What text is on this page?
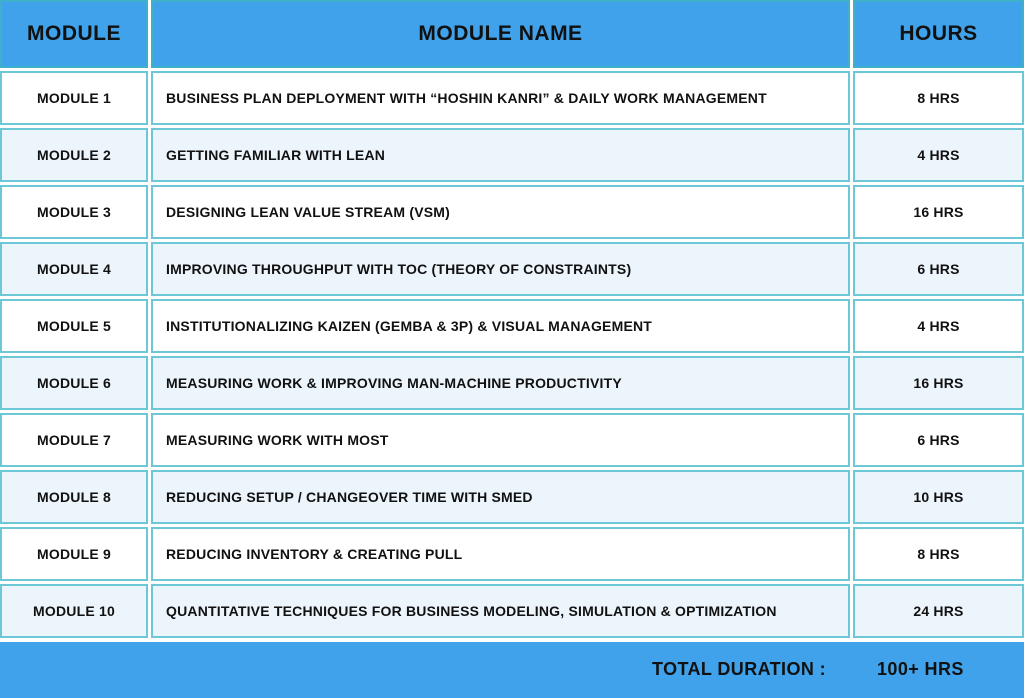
MODULE	MODULE NAME	HOURS
MODULE 1	BUSINESS PLAN DEPLOYMENT WITH “HOSHIN KANRI” & DAILY WORK MANAGEMENT	8 HRS
MODULE 2	GETTING FAMILIAR WITH LEAN	4 HRS
MODULE 3	DESIGNING LEAN VALUE STREAM (VSM)	16 HRS
MODULE 4	IMPROVING THROUGHPUT WITH TOC (THEORY OF CONSTRAINTS)	6 HRS
MODULE 5	INSTITUTIONALIZING KAIZEN (GEMBA & 3P) & VISUAL MANAGEMENT	4 HRS
MODULE 6	MEASURING WORK & IMPROVING MAN-MACHINE PRODUCTIVITY	16 HRS
MODULE 7	MEASURING WORK WITH MOST	6 HRS
MODULE 8	REDUCING SETUP / CHANGEOVER TIME WITH SMED	10 HRS
MODULE 9	REDUCING INVENTORY & CREATING PULL	8 HRS
MODULE 10	QUANTITATIVE TECHNIQUES FOR BUSINESS MODELING, SIMULATION & OPTIMIZATION	24 HRS
TOTAL DURATION :	100+ HRS
